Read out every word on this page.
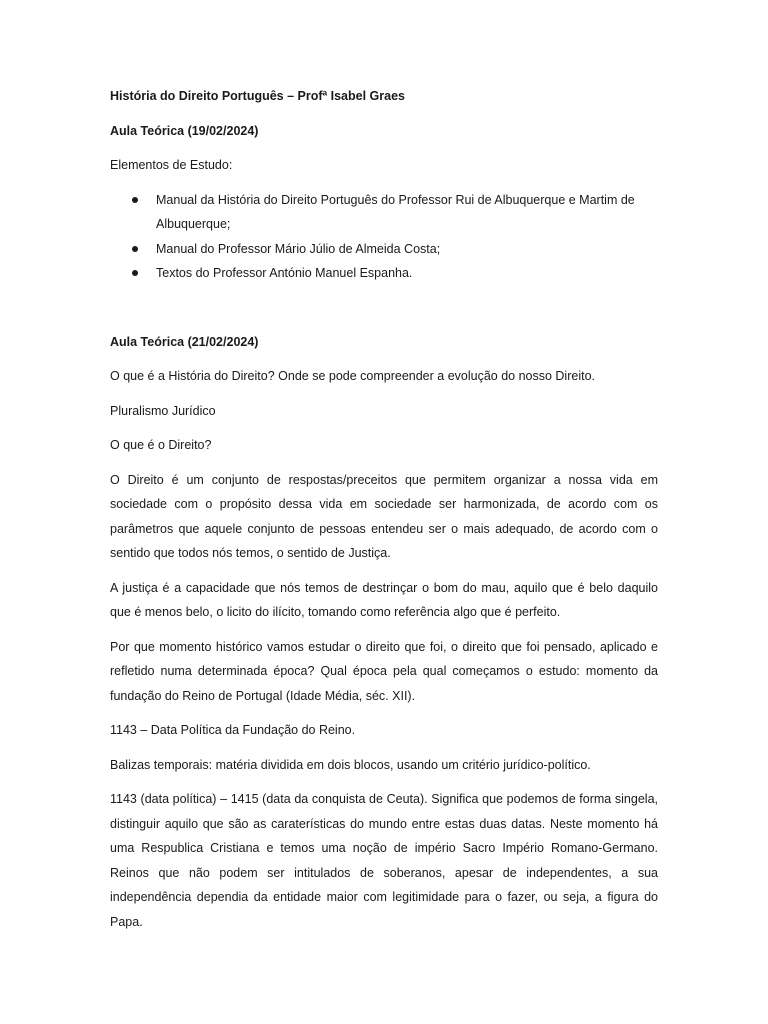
História do Direito Português – Profª Isabel Graes

Aula Teórica (19/02/2024)

Elementos de Estudo:

Manual da História do Direito Português do Professor Rui de Albuquerque e Martim de Albuquerque;
Manual do Professor Mário Júlio de Almeida Costa;
Textos do Professor António Manuel Espanha.

Aula Teórica (21/02/2024)

O que é a História do Direito? Onde se pode compreender a evolução do nosso Direito.

Pluralismo Jurídico

O que é o Direito?

O Direito é um conjunto de respostas/preceitos que permitem organizar a nossa vida em sociedade com o propósito dessa vida em sociedade ser harmonizada, de acordo com os parâmetros que aquele conjunto de pessoas entendeu ser o mais adequado, de acordo com o sentido que todos nós temos, o sentido de Justiça.

A justiça é a capacidade que nós temos de destrinçar o bom do mau, aquilo que é belo daquilo que é menos belo, o licito do ilícito, tomando como referência algo que é perfeito.

Por que momento histórico vamos estudar o direito que foi, o direito que foi pensado, aplicado e refletido numa determinada época? Qual época pela qual começamos o estudo: momento da fundação do Reino de Portugal (Idade Média, séc. XII).

1143 – Data Política da Fundação do Reino.

Balizas temporais: matéria dividida em dois blocos, usando um critério jurídico-político.

1143 (data política) – 1415 (data da conquista de Ceuta). Significa que podemos de forma singela, distinguir aquilo que são as caraterísticas do mundo entre estas duas datas. Neste momento há uma Respublica Cristiana e temos uma noção de império Sacro Império Romano-Germano. Reinos que não podem ser intitulados de soberanos, apesar de independentes, a sua independência dependia da entidade maior com legitimidade para o fazer, ou seja, a figura do Papa.
